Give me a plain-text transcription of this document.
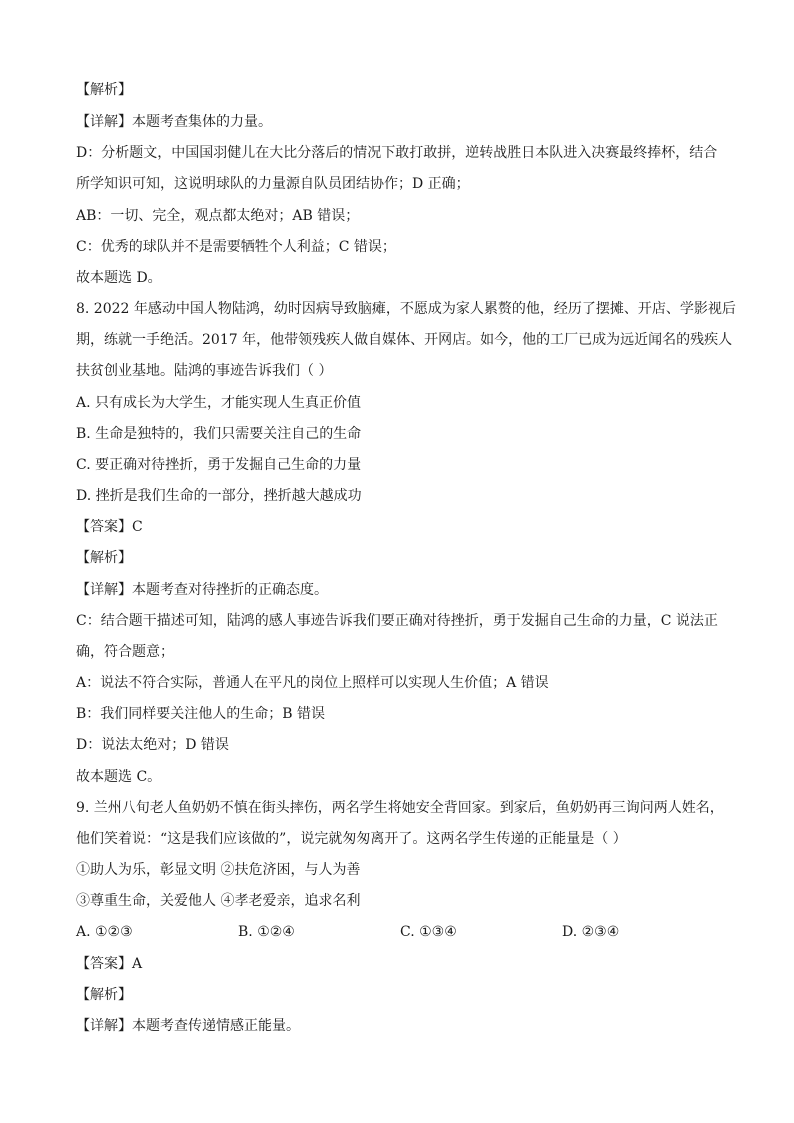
【解析】
【详解】本题考查集体的力量。
D：分析题文，中国国羽健儿在大比分落后的情况下敢打敢拼，逆转战胜日本队进入决赛最终捧杯，结合
所学知识可知，这说明球队的力量源自队员团结协作；D 正确；
AB：一切、完全，观点都太绝对；AB 错误；
C：优秀的球队并不是需要牺牲个人利益；C 错误；
故本题选 D。
8. 2022 年感动中国人物陆鸿，幼时因病导致脑瘫，不愿成为家人累赘的他，经历了摆摊、开店、学影视后
期，练就一手绝活。2017 年，他带领残疾人做自媒体、开网店。如今，他的工厂已成为远近闻名的残疾人
扶贫创业基地。陆鸿的事迹告诉我们（ ）
A. 只有成长为大学生，才能实现人生真正价值
B. 生命是独特的，我们只需要关注自己的生命
C. 要正确对待挫折，勇于发掘自己生命的力量
D. 挫折是我们生命的一部分，挫折越大越成功
【答案】C
【解析】
【详解】本题考查对待挫折的正确态度。
C：结合题干描述可知，陆鸿的感人事迹告诉我们要正确对待挫折，勇于发掘自己生命的力量，C 说法正
确，符合题意；
A：说法不符合实际，普通人在平凡的岗位上照样可以实现人生价值；A 错误
B：我们同样要关注他人的生命；B 错误
D：说法太绝对；D 错误
故本题选 C。
9. 兰州八旬老人鱼奶奶不慎在街头摔伤，两名学生将她安全背回家。到家后，鱼奶奶再三询问两人姓名，
他们笑着说：“这是我们应该做的”，说完就匆匆离开了。这两名学生传递的正能量是（ ）
①助人为乐，彰显文明 ②扶危济困，与人为善
③尊重生命，关爱他人 ④孝老爱亲，追求名利
A. ①②③	B. ①②④	C. ①③④	D. ②③④
【答案】A
【解析】
【详解】本题考查传递情感正能量。
